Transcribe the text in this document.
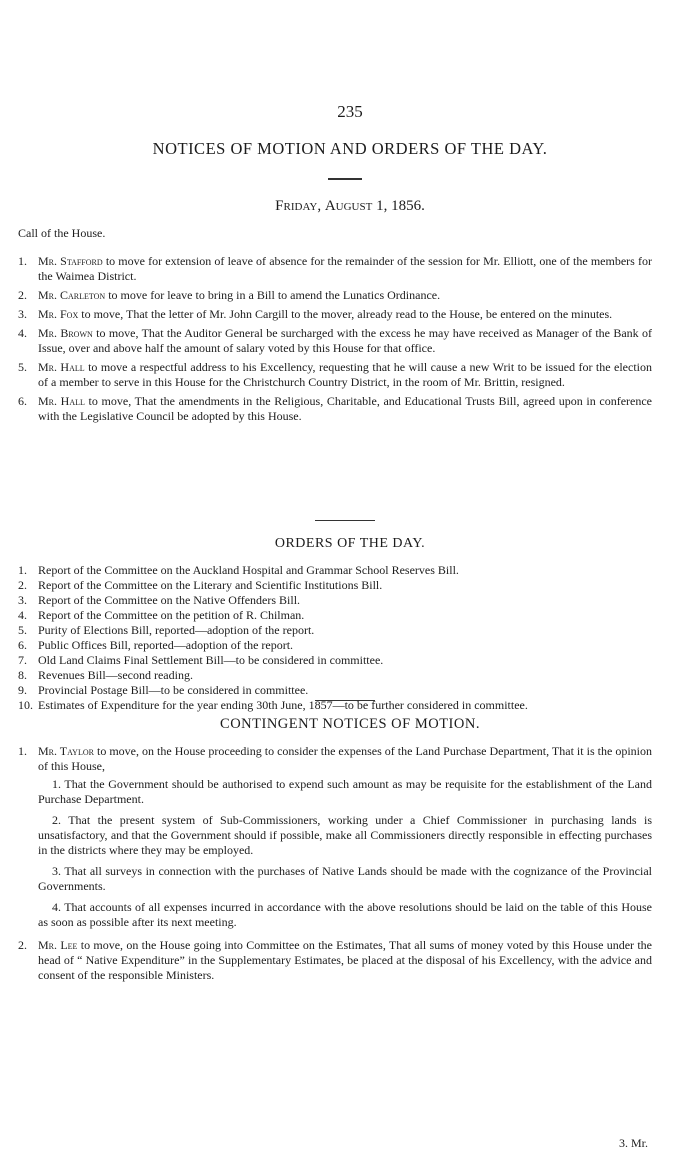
235
NOTICES OF MOTION AND ORDERS OF THE DAY.
Friday, August 1, 1856.
Call of the House.
1. Mr. Stafford to move for extension of leave of absence for the remainder of the session for Mr. Elliott, one of the members for the Waimea District.
2. Mr. Carleton to move for leave to bring in a Bill to amend the Lunatics Ordinance.
3. Mr. Fox to move, That the letter of Mr. John Cargill to the mover, already read to the House, be entered on the minutes.
4. Mr. Brown to move, That the Auditor General be surcharged with the excess he may have received as Manager of the Bank of Issue, over and above half the amount of salary voted by this House for that office.
5. Mr. Hall to move a respectful address to his Excellency, requesting that he will cause a new Writ to be issued for the election of a member to serve in this House for the Christchurch Country District, in the room of Mr. Brittin, resigned.
6. Mr. Hall to move, That the amendments in the Religious, Charitable, and Educational Trusts Bill, agreed upon in conference with the Legislative Council be adopted by this House.
ORDERS OF THE DAY.
1. Report of the Committee on the Auckland Hospital and Grammar School Reserves Bill.
2. Report of the Committee on the Literary and Scientific Institutions Bill.
3. Report of the Committee on the Native Offenders Bill.
4. Report of the Committee on the petition of R. Chilman.
5. Purity of Elections Bill, reported—adoption of the report.
6. Public Offices Bill, reported—adoption of the report.
7. Old Land Claims Final Settlement Bill—to be considered in committee.
8. Revenues Bill—second reading.
9. Provincial Postage Bill—to be considered in committee.
10. Estimates of Expenditure for the year ending 30th June, 1857—to be further considered in committee.
CONTINGENT NOTICES OF MOTION.
1. Mr. Taylor to move, on the House proceeding to consider the expenses of the Land Purchase Department, That it is the opinion of this House,
1. That the Government should be authorised to expend such amount as may be requisite for the establishment of the Land Purchase Department.
2. That the present system of Sub-Commissioners, working under a Chief Commissioner in purchasing lands is unsatisfactory, and that the Government should if possible, make all Commissioners directly responsible in effecting purchases in the districts where they may be employed.
3. That all surveys in connection with the purchases of Native Lands should be made with the cognizance of the Provincial Governments.
4. That accounts of all expenses incurred in accordance with the above resolutions should be laid on the table of this House as soon as possible after its next meeting.
2. Mr. Lee to move, on the House going into Committee on the Estimates, That all sums of money voted by this House under the head of “ Native Expenditure” in the Supplementary Estimates, be placed at the disposal of his Excellency, with the advice and consent of the responsible Ministers.
3. Mr.
